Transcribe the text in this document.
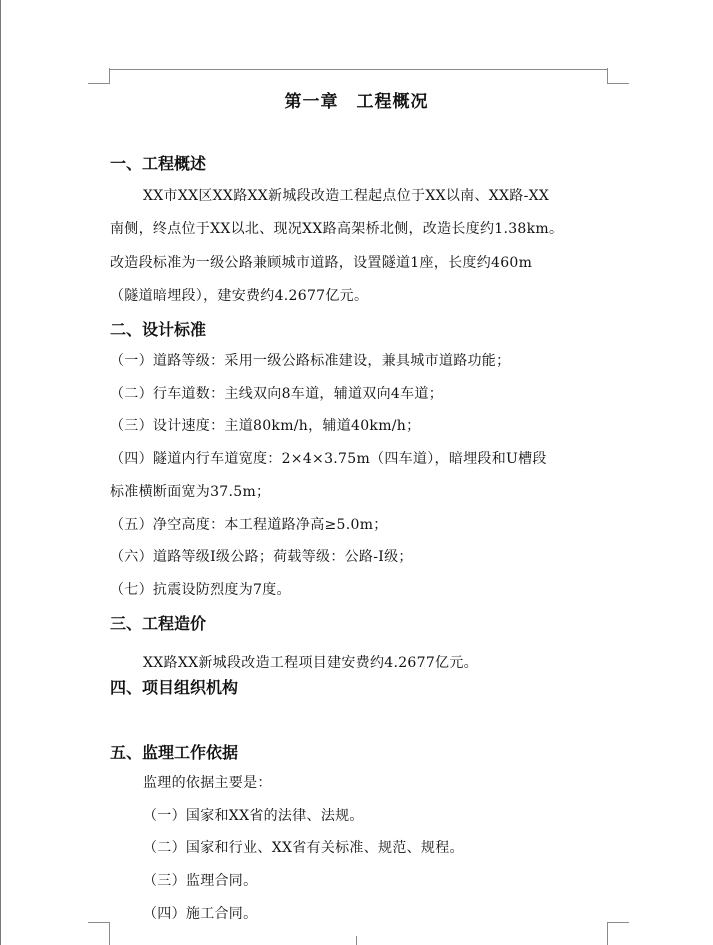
第一章 工程概况
一、工程概述
XX市XX区XX路XX新城段改造工程起点位于XX以南、XX路-XX
南侧，终点位于XX以北、现况XX路高架桥北侧，改造长度约1.38km。
改造段标准为一级公路兼顾城市道路，设置隧道1座，长度约460m
（隧道暗埋段），建安费约4.2677亿元。
二、设计标准
（一）道路等级：采用一级公路标准建设，兼具城市道路功能；
（二）行车道数：主线双向8车道，辅道双向4车道；
（三）设计速度：主道80km/h，辅道40km/h；
（四）隧道内行车道宽度：2×4×3.75m（四车道），暗埋段和U槽段
标准横断面宽为37.5m；
（五）净空高度：本工程道路净高≥5.0m；
（六）道路等级Ⅰ级公路；荷载等级：公路-Ⅰ级；
（七）抗震设防烈度为7度。
三、工程造价
XX路XX新城段改造工程项目建安费约4.2677亿元。
四、项目组织机构
五、监理工作依据
监理的依据主要是：
（一）国家和XX省的法律、法规。
（二）国家和行业、XX省有关标准、规范、规程。
（三）监理合同。
（四）施工合同。
